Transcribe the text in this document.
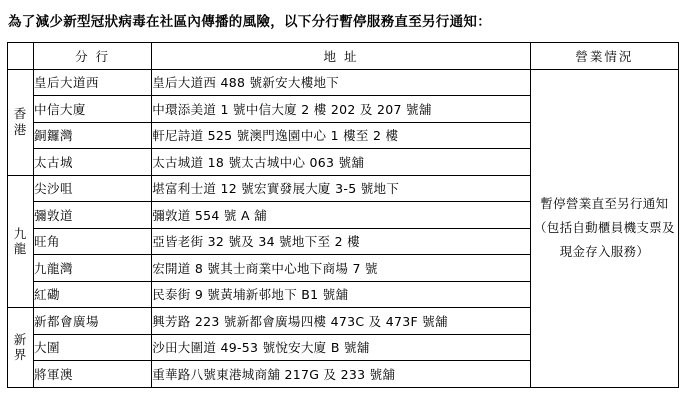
為了減少新型冠狀病毒在社區內傳播的風險，以下分行暫停服務直至另行通知：
	分 行	地 址	營業情況
香港	皇后大道西	皇后大道西 488 號新安大樓地下	暫停營業直至另行通知（包括自動櫃員機支票及現金存入服務）
	中信大廈	中環添美道 1 號中信大廈 2 樓 202 及 207 號舖	
	銅鑼灣	軒尼詩道 525 號澳門逸園中心 1 樓至 2 樓	
	太古城	太古城道 18 號太古城中心 063 號舖	
九龍	尖沙咀	堪富利士道 12 號宏實發展大廈 3-5 號地下	
	彌敦道	彌敦道 554 號 A 舖	
	旺角	亞皆老街 32 號及 34 號地下至 2 樓	
	九龍灣	宏開道 8 號其士商業中心地下商場 7 號	
	紅磡	民泰街 9 號黃埔新邨地下 B1 號舖	
新界	新都會廣場	興芳路 223 號新都會廣場四樓 473C 及 473F 號舖	
	大圍	沙田大圍道 49-53 號悅安大廈 B 號舖	
	將軍澳	重華路八號東港城商舖 217G 及 233 號舖	
